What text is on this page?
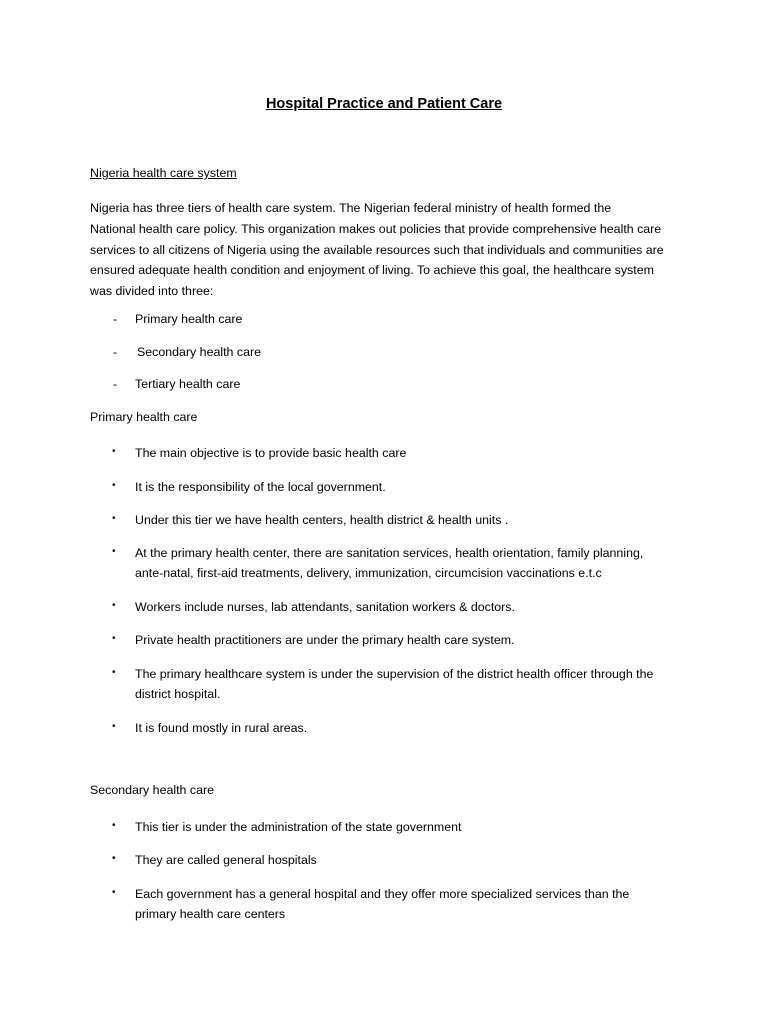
Hospital Practice and Patient Care
Nigeria health care system
Nigeria has three tiers of health care system. The Nigerian federal ministry of health formed the
National health care policy. This organization makes out policies that provide comprehensive health care
services to all citizens of Nigeria using the available resources such that individuals and communities are
ensured adequate health condition and enjoyment of living. To achieve this goal, the healthcare system
was divided into three:
- Primary health care
- Secondary health care
- Tertiary health care
Primary health care
• The main objective is to provide basic health care
• It is the responsibility of the local government.
• Under this tier we have health centers, health district & health units .
• At the primary health center, there are sanitation services, health orientation, family planning,
ante-natal, first-aid treatments, delivery, immunization, circumcision vaccinations e.t.c
• Workers include nurses, lab attendants, sanitation workers & doctors.
• Private health practitioners are under the primary health care system.
• The primary healthcare system is under the supervision of the district health officer through the
district hospital.
• It is found mostly in rural areas.
Secondary health care
• This tier is under the administration of the state government
• They are called general hospitals
• Each government has a general hospital and they offer more specialized services than the
primary health care centers
